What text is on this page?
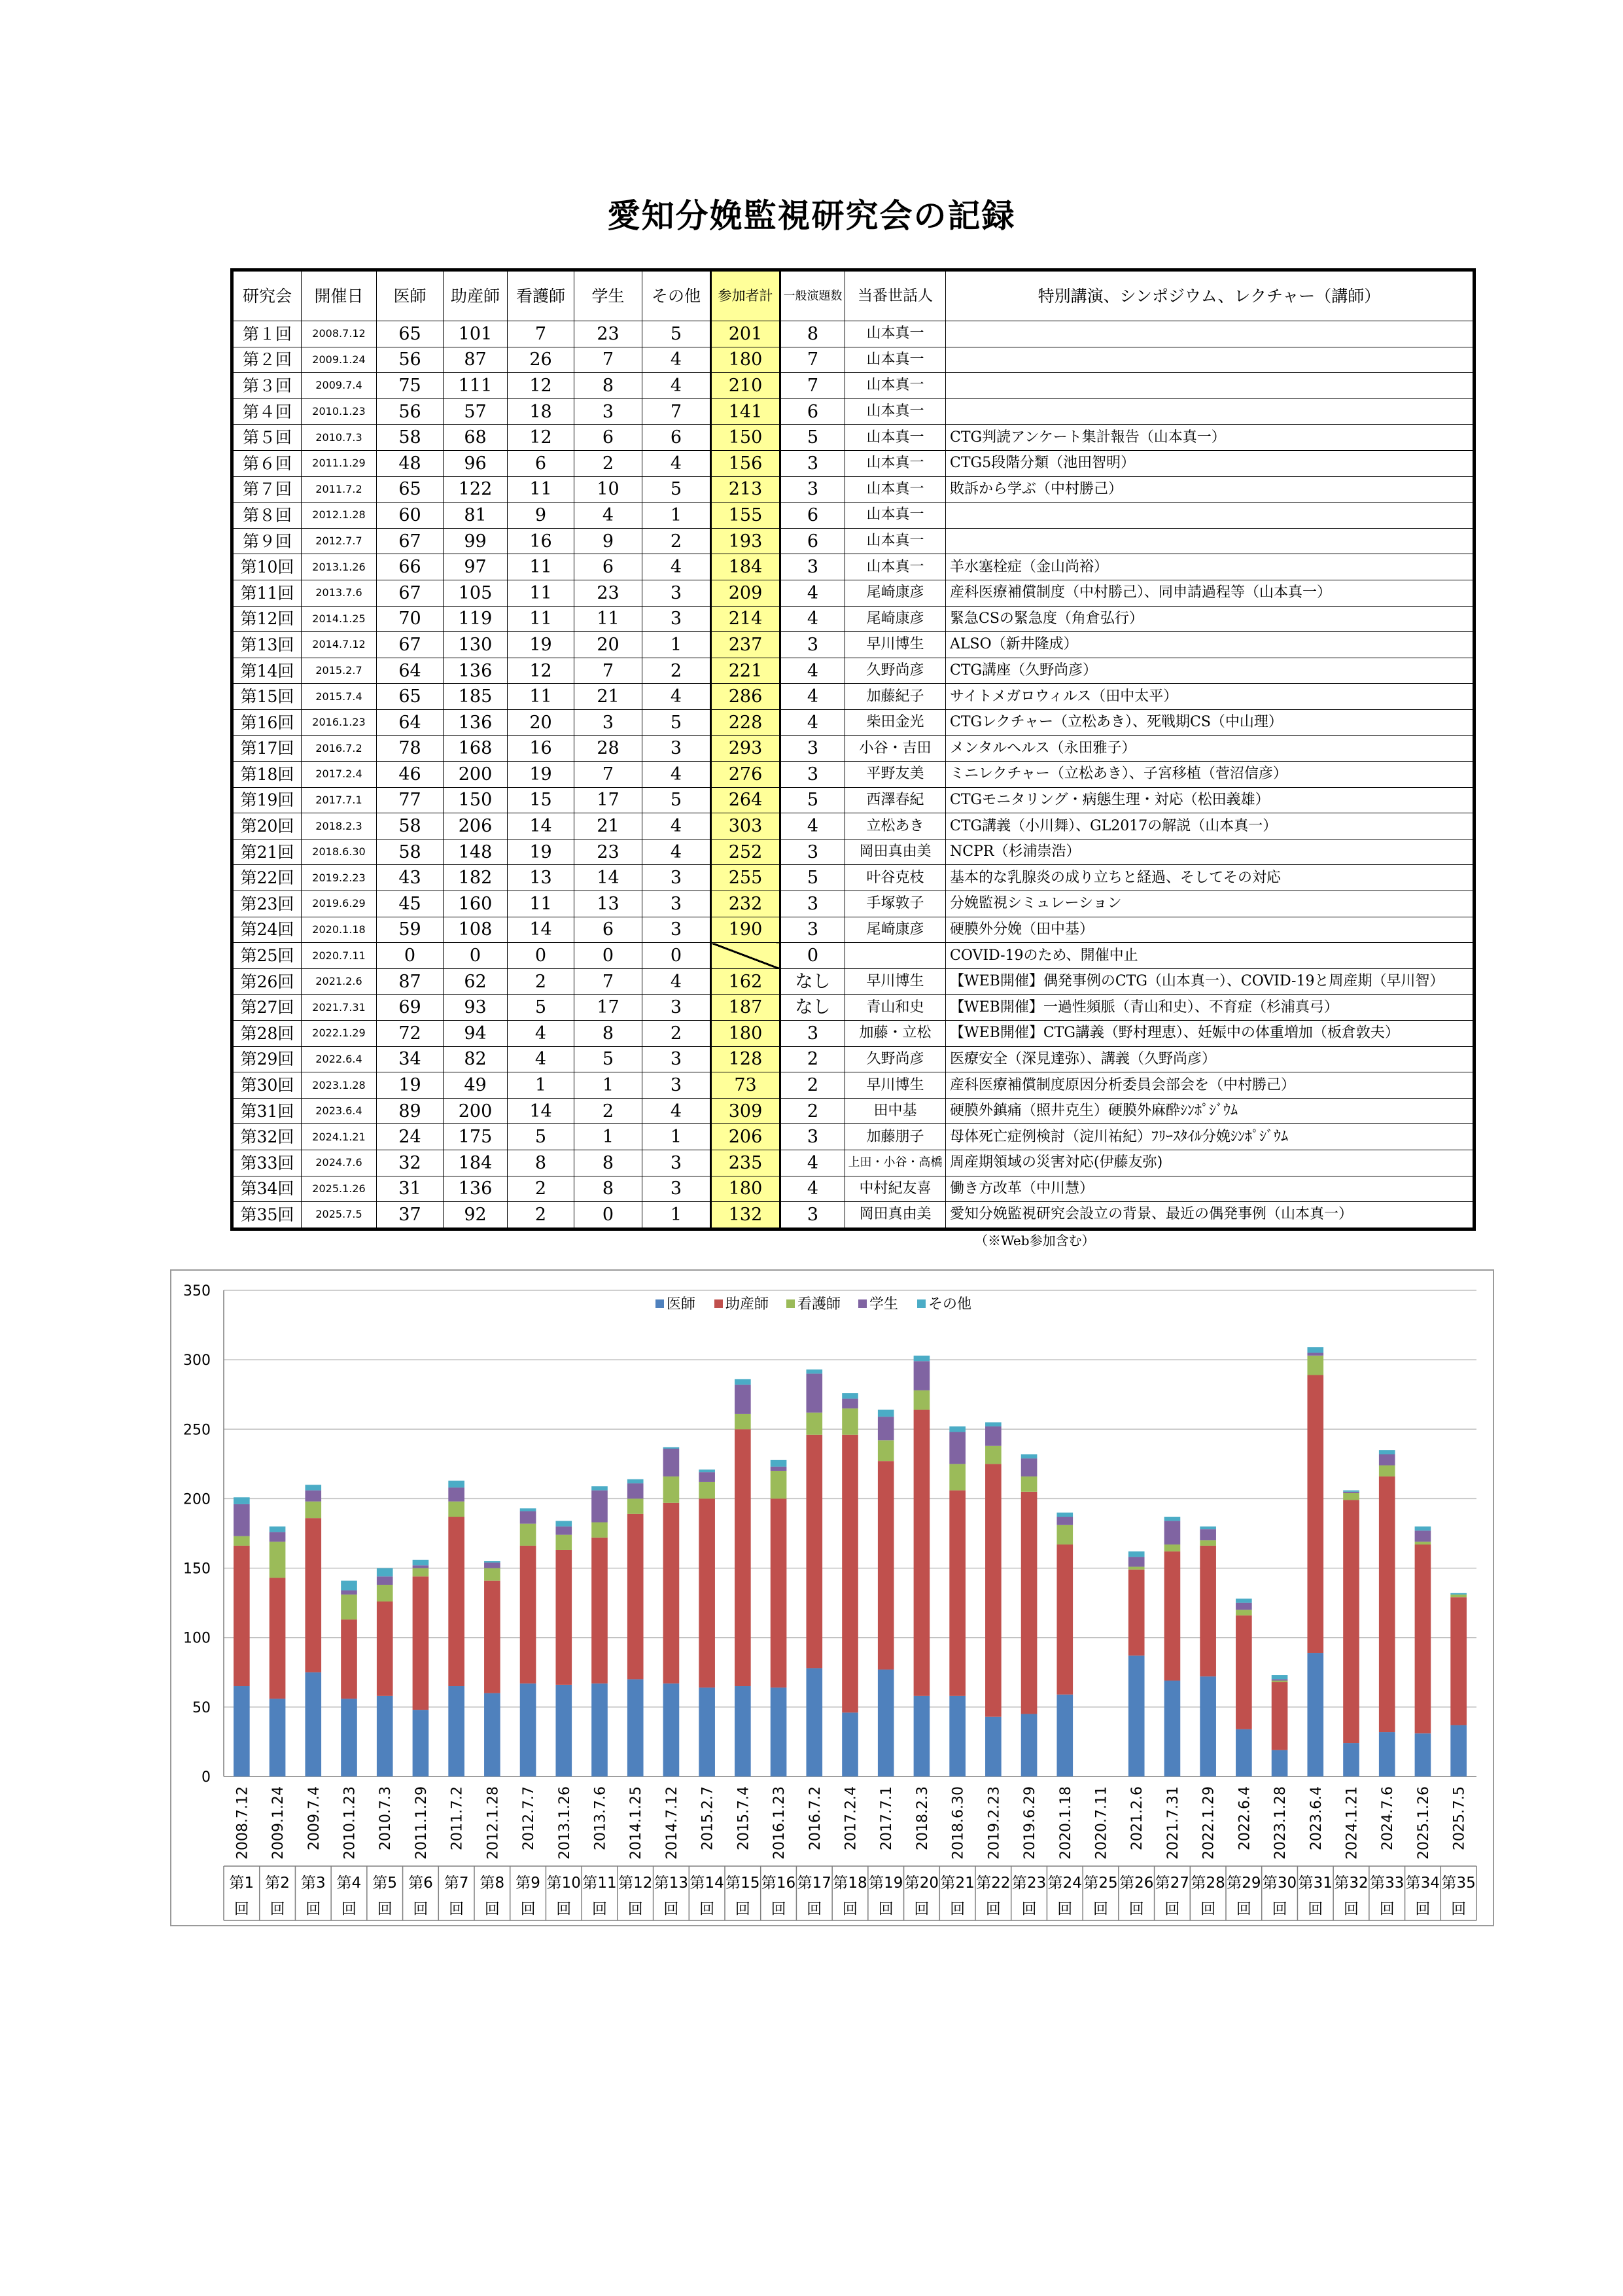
愛知分娩監視研究会の記録
研究会	開催日	医師	助産師	看護師	学生	その他	参加者計	一般演題数	当番世話人	特別講演、シンポジウム、レクチャー（講師）
第１回	2008.7.12	65	101	7	23	5	201	8	山本真一	
第２回	2009.1.24	56	87	26	7	4	180	7	山本真一	
第３回	2009.7.4	75	111	12	8	4	210	7	山本真一	
第４回	2010.1.23	56	57	18	3	7	141	6	山本真一	
第５回	2010.7.3	58	68	12	6	6	150	5	山本真一	CTG判読アンケート集計報告（山本真一）
第６回	2011.1.29	48	96	6	2	4	156	3	山本真一	CTG5段階分類（池田智明）
第７回	2011.7.2	65	122	11	10	5	213	3	山本真一	敗訴から学ぶ（中村勝己）
第８回	2012.1.28	60	81	9	4	1	155	6	山本真一	
第９回	2012.7.7	67	99	16	9	2	193	6	山本真一	
第10回	2013.1.26	66	97	11	6	4	184	3	山本真一	羊水塞栓症（金山尚裕）
第11回	2013.7.6	67	105	11	23	3	209	4	尾崎康彦	産科医療補償制度（中村勝己）、同申請過程等（山本真一）
第12回	2014.1.25	70	119	11	11	3	214	4	尾崎康彦	緊急CSの緊急度（角倉弘行）
第13回	2014.7.12	67	130	19	20	1	237	3	早川博生	ALSO（新井隆成）
第14回	2015.2.7	64	136	12	7	2	221	4	久野尚彦	CTG講座（久野尚彦）
第15回	2015.7.4	65	185	11	21	4	286	4	加藤紀子	サイトメガロウィルス（田中太平）
第16回	2016.1.23	64	136	20	3	5	228	4	柴田金光	CTGレクチャー（立松あき）、死戦期CS（中山理）
第17回	2016.7.2	78	168	16	28	3	293	3	小谷・吉田	メンタルヘルス（永田雅子）
第18回	2017.2.4	46	200	19	7	4	276	3	平野友美	ミニレクチャー（立松あき）、子宮移植（菅沼信彦）
第19回	2017.7.1	77	150	15	17	5	264	5	西澤春紀	CTGモニタリング・病態生理・対応（松田義雄）
第20回	2018.2.3	58	206	14	21	4	303	4	立松あき	CTG講義（小川舞）、GL2017の解説（山本真一）
第21回	2018.6.30	58	148	19	23	4	252	3	岡田真由美	NCPR（杉浦崇浩）
第22回	2019.2.23	43	182	13	14	3	255	5	叶谷克枝	基本的な乳腺炎の成り立ちと経過、そしてその対応
第23回	2019.6.29	45	160	11	13	3	232	3	手塚敦子	分娩監視シミュレーション
第24回	2020.1.18	59	108	14	6	3	190	3	尾崎康彦	硬膜外分娩（田中基）
第25回	2020.7.11	0	0	0	0	0		0		COVID-19のため、開催中止
第26回	2021.2.6	87	62	2	7	4	162	なし	早川博生	【WEB開催】偶発事例のCTG（山本真一）、COVID-19と周産期（早川智）
第27回	2021.7.31	69	93	5	17	3	187	なし	青山和史	【WEB開催】一過性頻脈（青山和史）、不育症（杉浦真弓）
第28回	2022.1.29	72	94	4	8	2	180	3	加藤・立松	【WEB開催】CTG講義（野村理恵）、妊娠中の体重増加（板倉敦夫）
第29回	2022.6.4	34	82	4	5	3	128	2	久野尚彦	医療安全（深見達弥）、講義（久野尚彦）
第30回	2023.1.28	19	49	1	1	3	73	2	早川博生	産科医療補償制度原因分析委員会部会を（中村勝己）
第31回	2023.6.4	89	200	14	2	4	309	2	田中基	硬膜外鎮痛（照井克生）硬膜外麻酔ｼﾝﾎﾟｼﾞｳﾑ
第32回	2024.1.21	24	175	5	1	1	206	3	加藤朋子	母体死亡症例検討（淀川祐紀）ﾌﾘｰｽﾀｲﾙ分娩ｼﾝﾎﾟｼﾞｳﾑ
第33回	2024.7.6	32	184	8	8	3	235	4	上田・小谷・高橋	周産期領域の災害対応(伊藤友弥)
第34回	2025.1.26	31	136	2	8	3	180	4	中村紀友喜	働き方改革（中川慧）
第35回	2025.7.5	37	92	2	0	1	132	3	岡田真由美	愛知分娩監視研究会設立の背景、最近の偶発事例（山本真一）
（※Web参加含む）
0
50
100
150
200
250
300
350
2008.7.12 2009.1.24 2009.7.4 2010.1.23 2010.7.3 2011.1.29 2011.7.2 2012.1.28 2012.7.7 2013.1.26 2013.7.6 2014.1.25 2014.7.12 2015.2.7 2015.7.4 2016.1.23 2016.7.2 2017.2.4 2017.7.1 2018.2.3 2018.6.30 2019.2.23 2019.6.29 2020.1.18 2020.7.11 2021.2.6 2021.7.31 2022.1.29 2022.6.4 2023.1.28 2023.6.4 2024.1.21 2024.7.6 2025.1.26 2025.7.5
第1
回
第2
回
第3
回
第4
回
第5
回
第6
回
第7
回
第8
回
第9
回
第10
回
第11
回
第12
回
第13
回
第14
回
第15
回
第16
回
第17
回
第18
回
第19
回
第20
回
第21
回
第22
回
第23
回
第24
回
第25
回
第26
回
第27
回
第28
回
第29
回
第30
回
第31
回
第32
回
第33
回
第34
回
第35
回
医師 助産師 看護師 学生 その他
